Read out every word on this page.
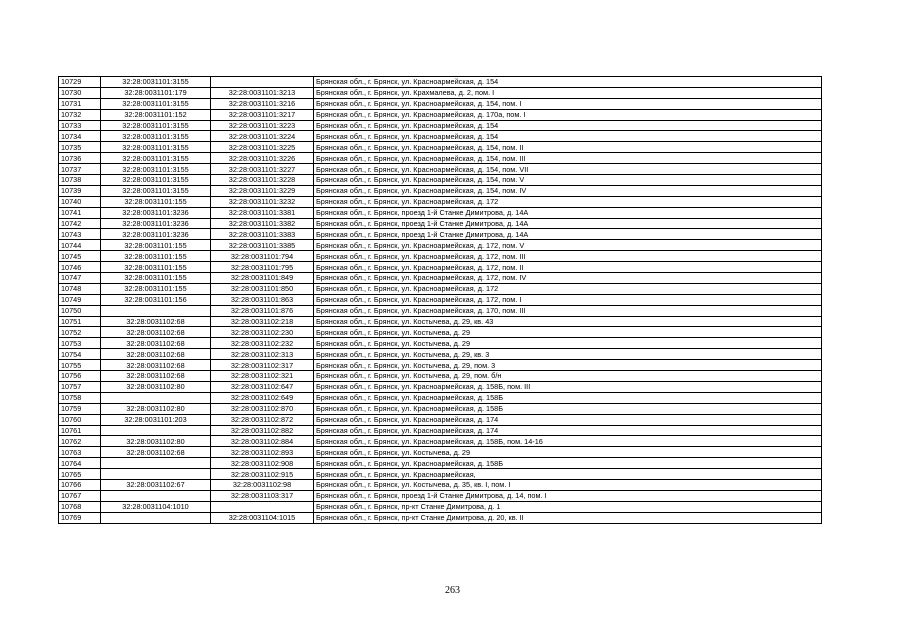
10729	32:28:0031101:3155		Брянская обл., г. Брянск, ул. Красноармейская, д. 154
10730	32:28:0031101:179	32:28:0031101:3213	Брянская обл., г. Брянск, ул. Крахмалева, д. 2, пом. I
10731	32:28:0031101:3155	32:28:0031101:3216	Брянская обл., г. Брянск, ул. Красноармейская, д. 154, пом. I
10732	32:28:0031101:152	32:28:0031101:3217	Брянская обл., г. Брянск, ул. Красноармейская, д. 170а, пом. I
10733	32:28:0031101:3155	32:28:0031101:3223	Брянская обл., г. Брянск, ул. Красноармейская, д. 154
10734	32:28:0031101:3155	32:28:0031101:3224	Брянская обл., г. Брянск, ул. Красноармейская, д. 154
10735	32:28:0031101:3155	32:28:0031101:3225	Брянская обл., г. Брянск, ул. Красноармейская, д. 154, пом. II
10736	32:28:0031101:3155	32:28:0031101:3226	Брянская обл., г. Брянск, ул. Красноармейская, д. 154, пом. III
10737	32:28:0031101:3155	32:28:0031101:3227	Брянская обл., г. Брянск, ул. Красноармейская, д. 154, пом. VII
10738	32:28:0031101:3155	32:28:0031101:3228	Брянская обл., г. Брянск, ул. Красноармейская, д. 154, пом. V
10739	32:28:0031101:3155	32:28:0031101:3229	Брянская обл., г. Брянск, ул. Красноармейская, д. 154, пом. IV
10740	32:28:0031101:155	32:28:0031101:3232	Брянская обл., г. Брянск, ул. Красноармейская, д. 172
10741	32:28:0031101:3236	32:28:0031101:3381	Брянская обл., г. Брянск, проезд 1-й Станке Димитрова, д. 14А
10742	32:28:0031101:3236	32:28:0031101:3382	Брянская обл., г. Брянск, проезд 1-й Станке Димитрова, д. 14А
10743	32:28:0031101:3236	32:28:0031101:3383	Брянская обл., г. Брянск, проезд 1-й Станке Димитрова, д. 14А
10744	32:28:0031101:155	32:28:0031101:3385	Брянская обл., г. Брянск, ул. Красноармейская, д. 172, пом. V
10745	32:28:0031101:155	32:28:0031101:794	Брянская обл., г. Брянск, ул. Красноармейская, д. 172, пом. III
10746	32:28:0031101:155	32:28:0031101:795	Брянская обл., г. Брянск, ул. Красноармейская, д. 172, пом. II
10747	32:28:0031101:155	32:28:0031101:849	Брянская обл., г. Брянск, ул. Красноармейская, д. 172, пом. IV
10748	32:28:0031101:155	32:28:0031101:850	Брянская обл., г. Брянск, ул. Красноармейская, д. 172
10749	32:28:0031101:156	32:28:0031101:863	Брянская обл., г. Брянск, ул. Красноармейская, д. 172, пом. I
10750		32:28:0031101:876	Брянская обл., г. Брянск, ул. Красноармейская, д. 170, пом. III
10751	32:28:0031102:68	32:28:0031102:218	Брянская обл., г. Брянск, ул. Костычева, д. 29, кв. 43
10752	32:28:0031102:68	32:28:0031102:230	Брянская обл., г. Брянск, ул. Костычева, д. 29
10753	32:28:0031102:68	32:28:0031102:232	Брянская обл., г. Брянск, ул. Костычева, д. 29
10754	32:28:0031102:68	32:28:0031102:313	Брянская обл., г. Брянск, ул. Костычева, д. 29, кв. 3
10755	32:28:0031102:68	32:28:0031102:317	Брянская обл., г. Брянск, ул. Костычева, д. 29, пом. 3
10756	32:28:0031102:68	32:28:0031102:321	Брянская обл., г. Брянск, ул. Костычева, д. 29, пом. б/н
10757	32:28:0031102:80	32:28:0031102:647	Брянская обл., г. Брянск, ул. Красноармейская, д. 158Б, пом. III
10758		32:28:0031102:649	Брянская обл., г. Брянск, ул. Красноармейская, д. 158Б
10759	32:28:0031102:80	32:28:0031102:870	Брянская обл., г. Брянск, ул. Красноармейская, д. 158Б
10760	32:28:0031101:203	32:28:0031102:872	Брянская обл., г. Брянск, ул. Красноармейская, д. 174
10761		32:28:0031102:882	Брянская обл., г. Брянск, ул. Красноармейская, д. 174
10762	32:28:0031102:80	32:28:0031102:884	Брянская обл., г. Брянск, ул. Красноармейская, д. 158Б, пом. 14-16
10763	32:28:0031102:68	32:28:0031102:893	Брянская обл., г. Брянск, ул. Костычева, д. 29
10764		32:28:0031102:908	Брянская обл., г. Брянск, ул. Красноармейская, д. 158Б
10765		32:28:0031102:915	Брянская обл., г. Брянск, ул. Красноармейская,
10766	32:28:0031102:67	32:28:0031102:98	Брянская обл., г. Брянск, ул. Костычева, д. 35, кв. I, пом. I
10767		32:28:0031103:317	Брянская обл., г. Брянск, проезд 1-й Станке Димитрова, д. 14, пом. I
10768	32:28:0031104:1010		Брянская обл., г. Брянск, пр-кт Станке Димитрова, д. 1
10769		32:28:0031104:1015	Брянская обл., г. Брянск, пр-кт Станке Димитрова, д. 20, кв. II
263
